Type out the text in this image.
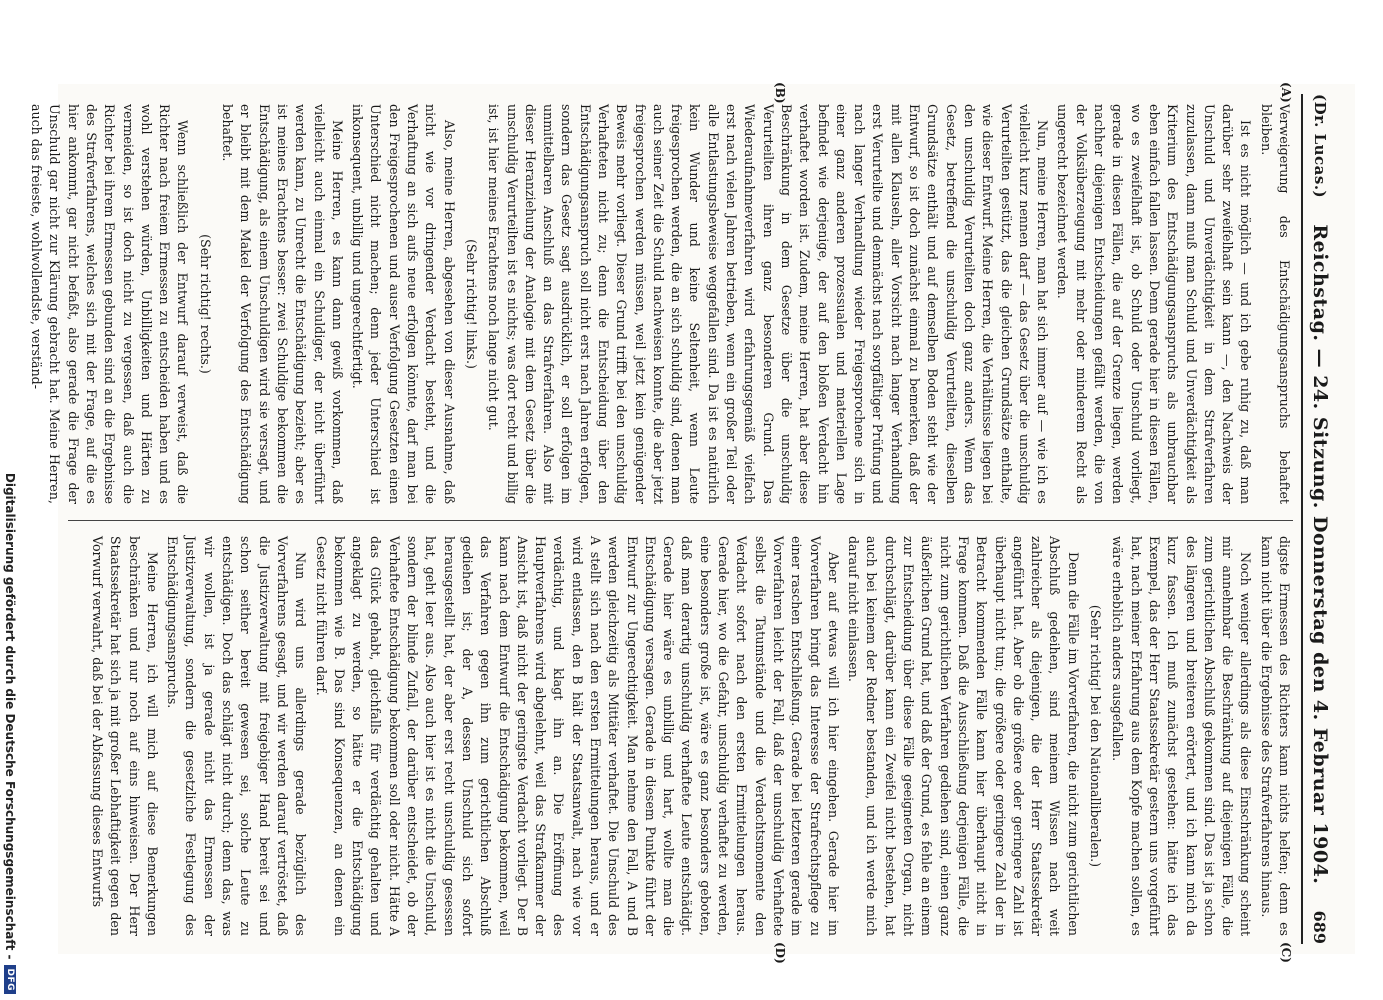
(Dr. Lucas.)
Reichstag. — 24. Sitzung. Donnerstag den 4. Februar 1904.
689
(A)
(B)
(C)
(D)

Verweigerung des Entschädigungsanspruchs behaftet bleiben.

Ist es nicht möglich — und ich gebe ruhig zu, daß man darüber sehr zweifelhaft sein kann —, den Nachweis der Unschuld und Unverdächtigkeit in dem Strafverfahren zuzulassen, dann muß man Schuld und Unverdächtigkeit als Kriterium des Entschädigungsanspruchs als unbrauchbar eben einfach fallen lassen. Denn gerade hier in diesen Fällen, wo es zweifelhaft ist, ob Schuld oder Unschuld vorliegt, gerade in diesen Fällen, die auf der Grenze liegen, werden nachher diejenigen Entscheidungen gefällt werden, die von der Volksüberzeugung mit mehr oder minderem Recht als ungerecht bezeichnet werden.

Nun, meine Herren, man hat sich immer auf — wie ich es vielleicht kurz nennen darf — das Gesetz über die unschuldig Verurteilten gestützt, das die gleichen Grundsätze enthalte, wie dieser Entwurf. Meine Herren, die Verhältnisse liegen bei den unschuldig Verurteilten doch ganz anders. Wenn das Gesetz, betreffend die unschuldig Verurteilten, dieselben Grundsätze enthält und auf demselben Boden steht wie der Entwurf, so ist doch zunächst einmal zu bemerken, daß der mit allen Klauseln, aller Vorsicht nach langer Verhandlung erst Verurteilte und demnächst nach sorgfältiger Prüfung und nach langer Verhandlung wieder Freigesprochene sich in einer ganz anderen prozessualen und materiellen Lage befindet wie derjenige, der auf den bloßen Verdacht hin verhaftet worden ist. Zudem, meine Herren, hat aber diese Beschränkung in dem Gesetze über die unschuldig Verurteilten ihren ganz besonderen Grund. Das Wiederaufnahmeverfahren wird erfahrungsgemäß vielfach erst nach vielen Jahren betrieben, wenn ein großer Teil oder alle Entlastungsbeweise weggefallen sind. Da ist es natürlich kein Wunder und keine Seltenheit, wenn Leute freigesprochen werden, die an sich schuldig sind, denen man auch seiner Zeit die Schuld nachweisen konnte, die aber jetzt freigesprochen werden müssen, weil jetzt kein genügender Beweis mehr vorliegt. Dieser Grund trifft bei den unschuldig Verhafteten nicht zu; denn die Entscheidung über den Entschädigungsanspruch soll nicht erst nach Jahren erfolgen, sondern das Gesetz sagt ausdrücklich, er soll erfolgen im unmittelbaren Anschluß an das Strafverfahren. Also mit dieser Heranziehung der Analogie mit dem Gesetz über die unschuldig Verurteilten ist es nichts; was dort recht und billig ist, ist hier meines Erachtens noch lange nicht gut.

(Sehr richtig! links.)

Also, meine Herren, abgesehen von dieser Ausnahme, daß nicht wie vor dringender Verdacht besteht, und die Verhaftung an sich aufs neue erfolgen könnte, darf man bei den Freigesprochenen und auser Verfolgung Gesetzten einen Unterschied nicht machen; denn jeder Unterschied ist inkonsequent, unbillig und ungerechtfertigt.

Meine Herren, es kann dann gewiß vorkommen, daß vielleicht auch einmal ein Schuldiger, der nicht überführt werden kann, zu Unrecht die Entschädigung bezieht; aber es ist meines Erachtens besser: zwei Schuldige bekommen die Entschädigung, als einem Unschuldigen wird sie versagt, und er bleibt mit dem Makel der Verfolgung des Entschädigung behaftet.

(Sehr richtig! rechts.)

Wenn schließlich der Entwurf darauf verweist, daß die Richter nach freiem Ermessen zu entscheiden haben und es wohl verstehen würden, Unbilligkeiten und Härten zu vermeiden, so ist doch nicht zu vergessen, daß auch die Richter bei ihrem Ermessen gebunden sind an die Ergebnisse des Strafverfahrens, welches sich mit der Frage, auf die es hier ankommt, gar nicht befaßt, also gerade die Frage der Unschuld gar nicht zur Klärung gebracht hat. Meine Herren, auch das freieste, wohlwollendste, verständ-

digste Ermessen des Richters kann nichts helfen; denn es kann nicht über die Ergebnisse des Strafverfahrens hinaus.

Noch weniger allerdings als diese Einschränkung scheint mir annehmbar die Beschränkung auf diejenigen Fälle, die zum gerichtlichen Abschluß gekommen sind. Das ist ja schon des längeren und breiteren erörtert, und ich kann mich da kurz fassen. Ich muß zunächst gestehen: hätte ich das Exempel, das der Herr Staatssekretär gestern uns vorgeführt hat, nach meiner Erfahrung aus dem Kopfe machen sollen, es wäre erheblich anders ausgefallen.

(Sehr richtig! bei den Nationalliberalen.)

Denn die Fälle im Vorverfahren, die nicht zum gerichtlichen Abschluß gedeihen, sind meinem Wissen nach weit zahlreicher als diejenigen, die der Herr Staatssekretär angeführt hat. Aber ob die größere oder geringere Zahl ist überhaupt nicht tun; die größere oder geringere Zahl der in Betracht kommenden Fälle kann hier überhaupt nicht in Frage kommen. Daß die Ausschließung derjenigen Fälle, die nicht zum gerichtlichen Verfahren gediehen sind, einen ganz äußerlichen Grund hat, und daß der Grund, es fehle an einem zur Entscheidung über diese Fälle geeigneten Organ, nicht durchschlägt, darüber kann ein Zweifel nicht bestehen, hat auch bei keinem der Redner bestanden, und ich werde mich darauf nicht einlassen.

Aber auf etwas will ich hier eingehen. Gerade hier im Vorverfahren bringt das Interesse der Strafrechtspflege zu einer raschen Entschließung. Gerade bei letzteren gerade im Vorverfahren leicht der Fall, daß der unschuldig Verhaftete selbst die Tatumstände und die Verdachtsmomente den Verdacht sofort nach den ersten Ermittelungen heraus. Gerade hier, wo die Gefahr, unschuldig verhaftet zu werden, eine besonders große ist, wäre es ganz besonders geboten, daß man derartig unschuldig verhaftete Leute entschädigt. Gerade hier wäre es unbillig und hart, wollte man die Entschädigung versagen. Gerade in diesem Punkte führt der Entwurf zur Ungerechtigkeit. Man nehme den Fall, A und B werden gleichzeitig als Mittäter verhaftet. Die Unschuld des A stellt sich nach den ersten Ermittelungen heraus, und er wird entlassen, den B hält der Staatsanwalt, nach wie vor verdächtig, und klagt ihn an. Die Eröffnung des Hauptverfahrens wird abgelehnt, weil das Strafkammer der Ansicht ist, daß nicht der geringste Verdacht vorliegt. Der B kann nach dem Entwurf die Entschädigung bekommen, weil das Verfahren gegen ihn zum gerichtlichen Abschluß gediehen ist; der A, dessen Unschuld sich sofort herausgestellt hat, der aber erst recht unschuldig gesessen hat, geht leer aus. Also auch hier ist es nicht die Unschuld, sondern der blinde Zufall, der darüber entscheidet, ob der Verhaftete Entschädigung bekommen soll oder nicht. Hätte A das Glück gehabt, gleichfalls für verdächtig gehalten und angeklagt zu werden, so hätte er die Entschädigung bekommen wie B. Das sind Konsequenzen, an denen ein Gesetz nicht führen darf.

Nun wird uns allerdings gerade bezüglich des Vorverfahrens gesagt, und wir werden darauf vertröstet, daß die Justizverwaltung mit freigebiger Hand bereit sei und schon seither bereit gewesen sei, solche Leute zu entschädigen. Doch das schlägt nicht durch; denn das, was wir wollen, ist ja gerade nicht das Ermessen der Justizverwaltung, sondern die gesetzliche Festlegung des Entschädigungsanspruchs.

Meine Herren, ich will mich auf diese Bemerkungen beschränken und nur noch auf eins hinweisen. Der Herr Staatssekretär hat sich ja mit großer Lebhaftigkeit gegen den Vorwurf verwahrt, daß bei der Abfassung dieses Entwurfs

Digitalisierung gefördert durch die Deutsche Forschungsgemeinschaft -
DFG
